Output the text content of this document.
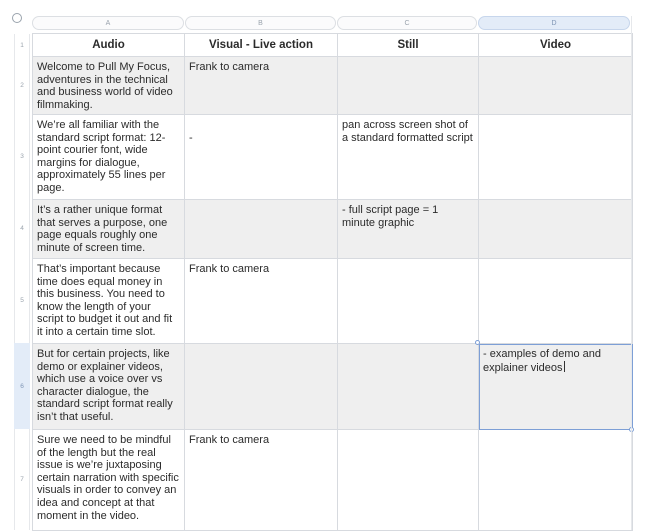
A	B	C	D
1
2
3
4
5
6
7
Audio	Visual - Live action	Still	Video
Welcome to Pull My Focus, adventures in the technical and business world of video filmmaking.	Frank to camera		
We’re all familiar with the standard script format: 12-point courier font, wide margins for dialogue, approximately 55 lines per page.	-	pan across screen shot of a standard formatted script	
It’s a rather unique format that serves a purpose, one page equals roughly one minute of screen time.		- full script page = 1 minute graphic	
That’s important because time does equal money in this business. You need to know the length of your script to budget it out and fit it into a certain time slot.	Frank to camera		
But for certain projects, like demo or explainer videos, which use a voice over vs character dialogue, the standard script format really isn’t that useful.			- examples of demo and explainer videos
Sure we need to be mindful of the length but the real issue is we’re juxtaposing certain narration with specific visuals in order to convey an idea and concept at that moment in the video.	Frank to camera		
